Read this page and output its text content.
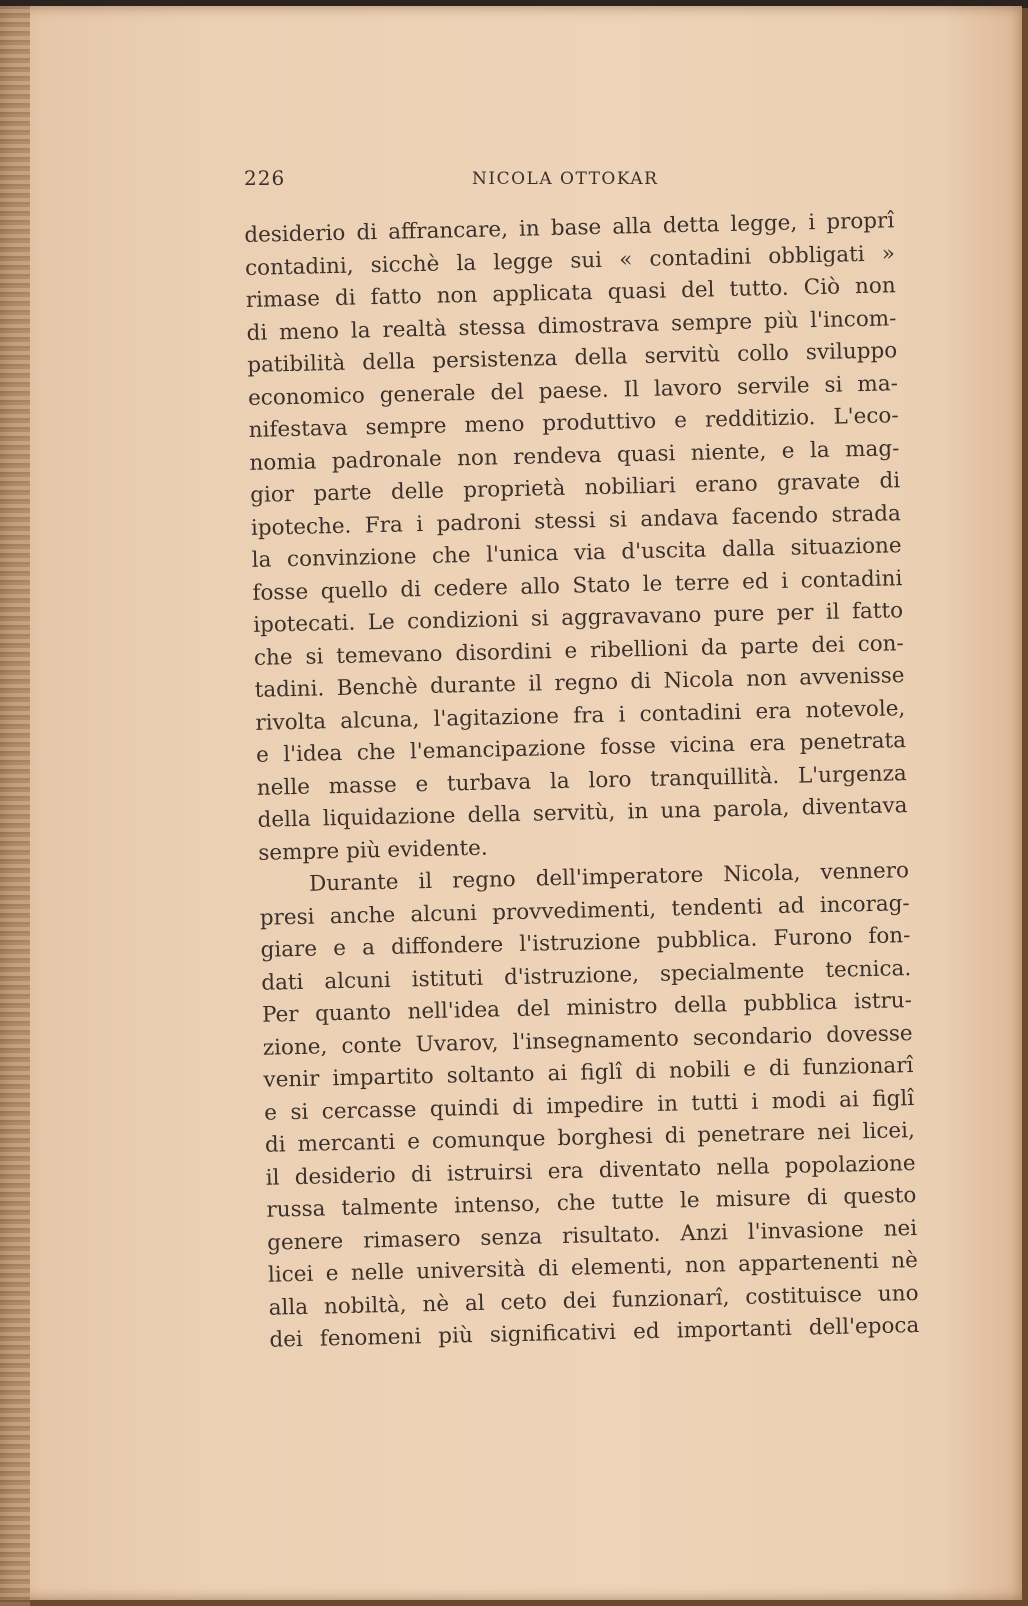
226	NICOLA OTTOKAR
desiderio di affrancare, in base alla detta legge, i proprî
contadini, sicchè la legge sui « contadini obbligati »
rimase di fatto non applicata quasi del tutto. Ciò non
di meno la realtà stessa dimostrava sempre più l'incom-
patibilità della persistenza della servitù collo sviluppo
economico generale del paese. Il lavoro servile si ma-
nifestava sempre meno produttivo e redditizio. L'eco-
nomia padronale non rendeva quasi niente, e la mag-
gior parte delle proprietà nobiliari erano gravate di
ipoteche. Fra i padroni stessi si andava facendo strada
la convinzione che l'unica via d'uscita dalla situazione
fosse quello di cedere allo Stato le terre ed i contadini
ipotecati. Le condizioni si aggravavano pure per il fatto
che si temevano disordini e ribellioni da parte dei con-
tadini. Benchè durante il regno di Nicola non avvenisse
rivolta alcuna, l'agitazione fra i contadini era notevole,
e l'idea che l'emancipazione fosse vicina era penetrata
nelle masse e turbava la loro tranquillità. L'urgenza
della liquidazione della servitù, in una parola, diventava
sempre più evidente.
Durante il regno dell'imperatore Nicola, vennero
presi anche alcuni provvedimenti, tendenti ad incorag-
giare e a diffondere l'istruzione pubblica. Furono fon-
dati alcuni istituti d'istruzione, specialmente tecnica.
Per quanto nell'idea del ministro della pubblica istru-
zione, conte Uvarov, l'insegnamento secondario dovesse
venir impartito soltanto ai figlî di nobili e di funzionarî
e si cercasse quindi di impedire in tutti i modi ai figlî
di mercanti e comunque borghesi di penetrare nei licei,
il desiderio di istruirsi era diventato nella popolazione
russa talmente intenso, che tutte le misure di questo
genere rimasero senza risultato. Anzi l'invasione nei
licei e nelle università di elementi, non appartenenti nè
alla nobiltà, nè al ceto dei funzionarî, costituisce uno
dei fenomeni più significativi ed importanti dell'epoca
